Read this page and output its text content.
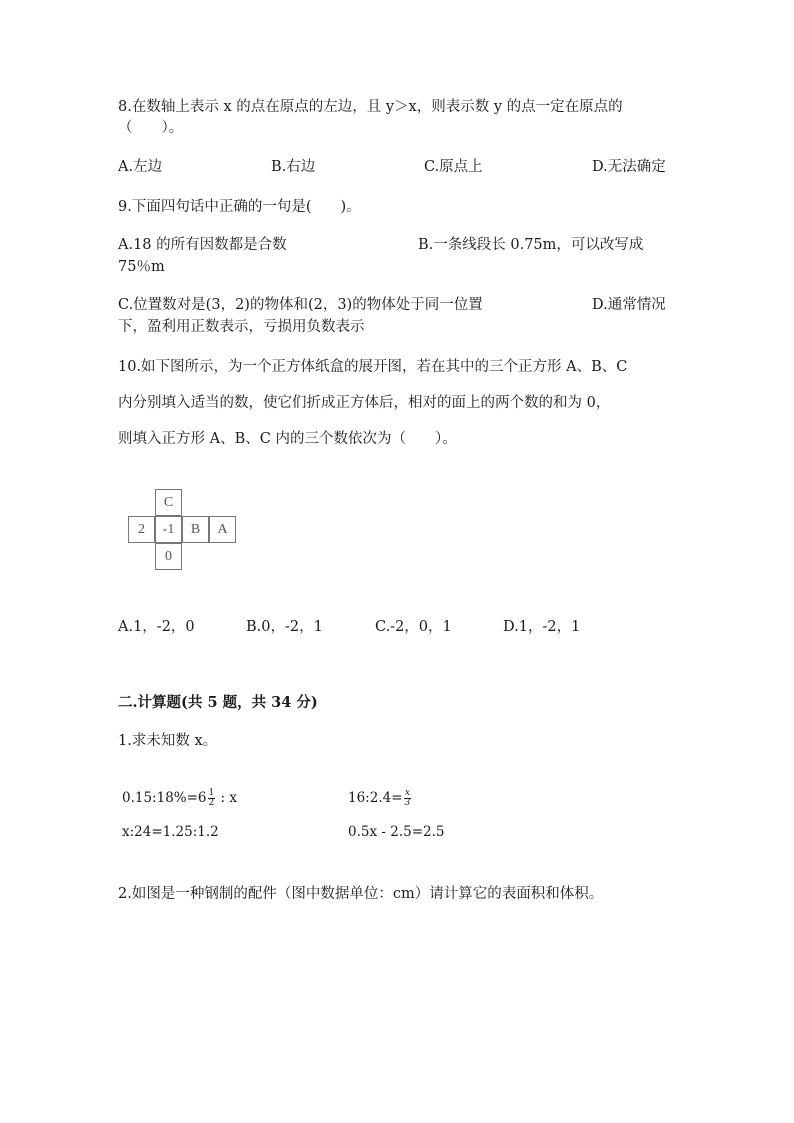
8.在数轴上表示 x 的点在原点的左边，且 y＞x，则表示数 y 的点一定在原点的
（　　）。
A.左边	B.右边	C.原点上	D.无法确定
9.下面四句话中正确的一句是(　　)。
A.18 的所有因数都是合数	B.一条线段长 0.75m，可以改写成
75％m
C.位置数对是(3，2)的物体和(2，3)的物体处于同一位置	D.通常情况
下，盈利用正数表示，亏损用负数表示
10.如下图所示，为一个正方体纸盒的展开图，若在其中的三个正方形 A、B、C
内分别填入适当的数，使它们折成正方体后，相对的面上的两个数的和为 0，
则填入正方形 A、B、C 内的三个数依次为（　　）。
C
2	-1	B	A
0
A.1，-2，0	B.0，-2，1	C.-2，0，1	D.1，-2，1
二.计算题(共 5 题，共 34 分)
1.求未知数 x。
0.15:18%=6 $\frac{1}{2}$ : x	16:2.4= $\frac{x}{3}$
x:24=1.25:1.2	0.5x - 2.5=2.5
2.如图是一种钢制的配件（图中数据单位：cm）请计算它的表面积和体积。
